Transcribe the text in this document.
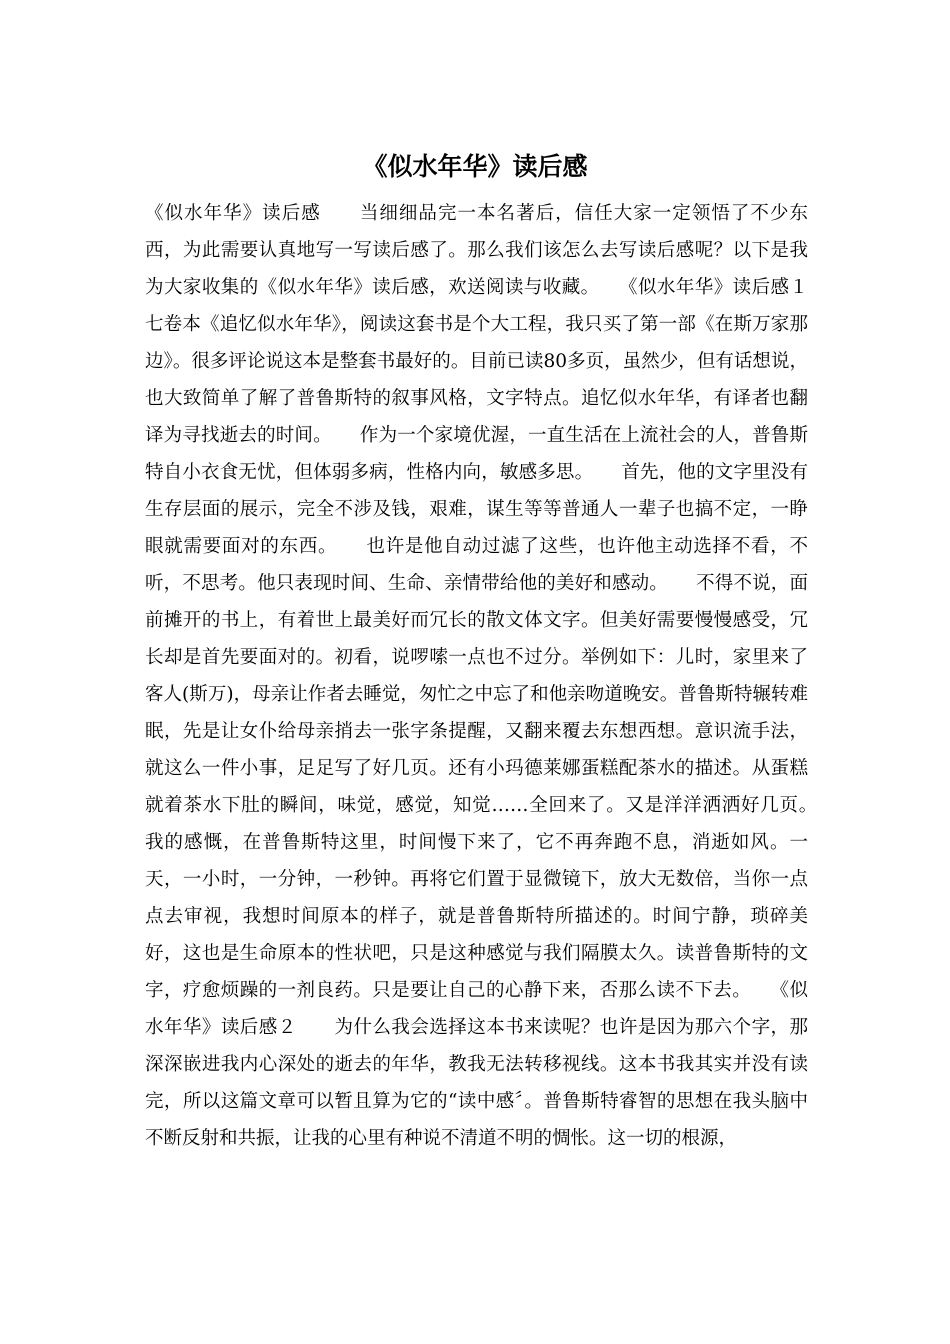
《似水年华》读后感

《似水年华》读后感　　当细细品完一本名著后，信任大家一定领悟了不少东西，为此需要认真地写一写读后感了。那么我们该怎么去写读后感呢？以下是我为大家收集的《似水年华》读后感，欢送阅读与收藏。　　《似水年华》读后感１　　七卷本《追忆似水年华》，阅读这套书是个大工程，我只买了第一部《在斯万家那边》。很多评论说这本是整套书最好的。目前已读80多页，虽然少，但有话想说，也大致简单了解了普鲁斯特的叙事风格，文字特点。追忆似水年华，有译者也翻译为寻找逝去的时间。　　作为一个家境优渥，一直生活在上流社会的人，普鲁斯特自小衣食无忧，但体弱多病，性格内向，敏感多思。　　首先，他的文字里没有生存层面的展示，完全不涉及钱，艰难，谋生等等普通人一辈子也搞不定，一睁眼就需要面对的东西。　　也许是他自动过滤了这些，也许他主动选择不看，不听，不思考。他只表现时间、生命、亲情带给他的美好和感动。　　不得不说，面前摊开的书上，有着世上最美好而冗长的散文体文字。但美好需要慢慢感受，冗长却是首先要面对的。初看，说啰嗦一点也不过分。举例如下：儿时，家里来了客人(斯万)，母亲让作者去睡觉，匆忙之中忘了和他亲吻道晚安。普鲁斯特辗转难眠，先是让女仆给母亲捎去一张字条提醒，又翻来覆去东想西想。意识流手法，就这么一件小事，足足写了好几页。还有小玛德莱娜蛋糕配茶水的描述。从蛋糕就着茶水下肚的瞬间，味觉，感觉，知觉……全回来了。又是洋洋洒洒好几页。　　我的感慨，在普鲁斯特这里，时间慢下来了，它不再奔跑不息，消逝如风。一天，一小时，一分钟，一秒钟。再将它们置于显微镜下，放大无数倍，当你一点点去审视，我想时间原本的样子，就是普鲁斯特所描述的。时间宁静，琐碎美好，这也是生命原本的性状吧，只是这种感觉与我们隔膜太久。读普鲁斯特的文字，疗愈烦躁的一剂良药。只是要让自己的心静下来，否那么读不下去。　　《似水年华》读后感２　　为什么我会选择这本书来读呢？也许是因为那六个字，那深深嵌进我内心深处的逝去的年华，教我无法转移视线。这本书我其实并没有读完，所以这篇文章可以暂且算为它的“读中感〞。普鲁斯特睿智的思想在我头脑中不断反射和共振，让我的心里有种说不清道不明的惆怅。这一切的根源，
